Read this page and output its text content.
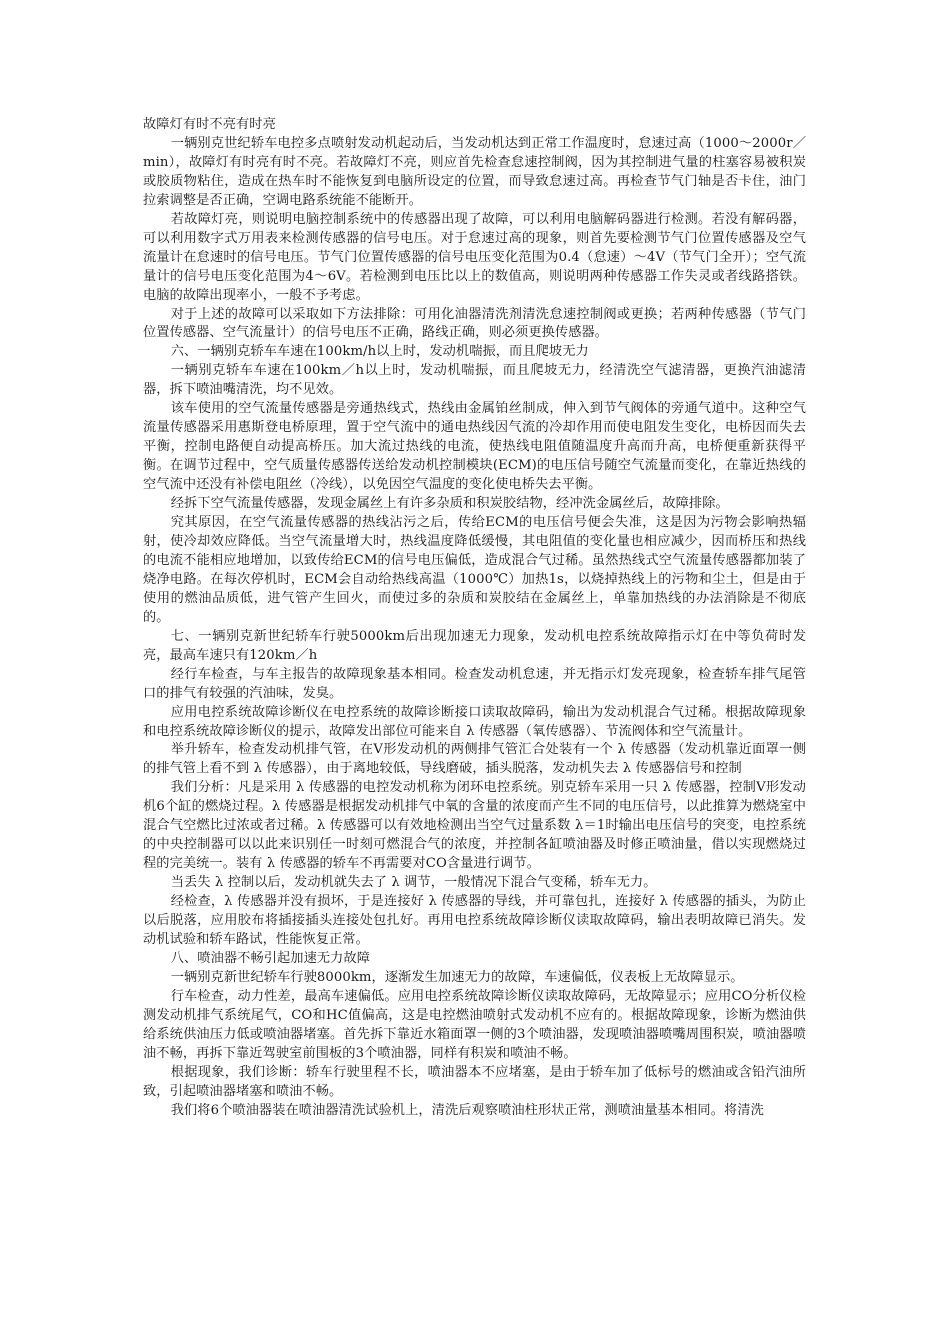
故障灯有时不亮有时亮

一辆别克世纪轿车电控多点喷射发动机起动后，当发动机达到正常工作温度时，怠速过高（1000～2000r／min），故障灯有时亮有时不亮。若故障灯不亮，则应首先检查怠速控制阀，因为其控制进气量的柱塞容易被积炭或胶质物粘住，造成在热车时不能恢复到电脑所设定的位置，而导致怠速过高。再检查节气门轴是否卡住，油门拉索调整是否正确，空调电路系统能不能断开。

若故障灯亮，则说明电脑控制系统中的传感器出现了故障，可以利用电脑解码器进行检测。若没有解码器，可以利用数字式万用表来检测传感器的信号电压。对于怠速过高的现象，则首先要检测节气门位置传感器及空气流量计在怠速时的信号电压。节气门位置传感器的信号电压变化范围为0.4（怠速）～4V（节气门全开）；空气流量计的信号电压变化范围为4～6V。若检测到电压比以上的数值高，则说明两种传感器工作失灵或者线路搭铁。电脑的故障出现率小，一般不予考虑。

对于上述的故障可以采取如下方法排除：可用化油器清洗剂清洗怠速控制阀或更换；若两种传感器（节气门位置传感器、空气流量计）的信号电压不正确，路线正确，则必须更换传感器。

六、一辆别克轿车车速在100km/h以上时，发动机喘振，而且爬坡无力

一辆别克轿车车速在100km／h以上时，发动机喘振，而且爬坡无力，经清洗空气滤清器，更换汽油滤清器，拆下喷油嘴清洗，均不见效。

该车使用的空气流量传感器是旁通热线式，热线由金属铂丝制成，伸入到节气阀体的旁通气道中。这种空气流量传感器采用惠斯登电桥原理，置于空气流中的通电热线因气流的冷却作用而使电阻发生变化，电桥因而失去平衡，控制电路便自动提高桥压。加大流过热线的电流，使热线电阻值随温度升高而升高，电桥便重新获得平衡。在调节过程中，空气质量传感器传送给发动机控制模块(ECM)的电压信号随空气流量而变化，在靠近热线的空气流中还没有补偿电阻丝（冷线），以免因空气温度的变化使电桥失去平衡。

经拆下空气流量传感器，发现金属丝上有许多杂质和积炭胶结物，经冲洗金属丝后，故障排除。

究其原因，在空气流量传感器的热线沾污之后，传给ECM的电压信号便会失准，这是因为污物会影响热辐射，使冷却效应降低。当空气流量增大时，热线温度降低缓慢，其电阻值的变化量也相应减少，因而桥压和热线的电流不能相应地增加，以致传给ECM的信号电压偏低，造成混合气过稀。虽然热线式空气流量传感器都加装了烧净电路。在每次停机时，ECM会自动给热线高温（1000℃）加热1s，以烧掉热线上的污物和尘土，但是由于使用的燃油品质低，进气管产生回火，而使过多的杂质和炭胶结在金属丝上，单靠加热线的办法消除是不彻底的。

七、一辆别克新世纪轿车行驶5000km后出现加速无力现象，发动机电控系统故障指示灯在中等负荷时发亮，最高车速只有120km／h

经行车检查，与车主报告的故障现象基本相同。检查发动机怠速，并无指示灯发亮现象，检查轿车排气尾管口的排气有较强的汽油味，发臭。

应用电控系统故障诊断仪在电控系统的故障诊断接口读取故障码，输出为发动机混合气过稀。根据故障现象和电控系统故障诊断仪的提示，故障发出部位可能来自 λ 传感器（氧传感器）、节流阀体和空气流量计。

举升轿车，检查发动机排气管，在V形发动机的两侧排气管汇合处装有一个 λ 传感器（发动机靠近面罩一侧的排气管上看不到 λ 传感器），由于离地较低，导线磨破，插头脱落，发动机失去 λ 传感器信号和控制

我们分析：凡是采用 λ 传感器的电控发动机称为闭环电控系统。别克轿车采用一只 λ 传感器，控制V形发动机6个缸的燃烧过程。λ 传感器是根据发动机排气中氧的含量的浓度而产生不同的电压信号，以此推算为燃烧室中混合气空燃比过浓或者过稀。λ 传感器可以有效地检测出当空气过量系数 λ＝1时输出电压信号的突变，电控系统的中央控制器可以以此来识别任一时刻可燃混合气的浓度，并控制各缸喷油器及时修正喷油量，借以实现燃烧过程的完美统一。装有 λ 传感器的轿车不再需要对CO含量进行调节。

当丢失 λ 控制以后，发动机就失去了 λ 调节，一般情况下混合气变稀，轿车无力。

经检查，λ 传感器并没有损坏，于是连接好 λ 传感器的导线，并可靠包扎，连接好 λ 传感器的插头，为防止以后脱落，应用胶布将插接插头连接处包扎好。再用电控系统故障诊断仪读取故障码，输出表明故障已消失。发动机试验和轿车路试，性能恢复正常。

八、喷油器不畅引起加速无力故障

一辆别克新世纪轿车行驶8000km，逐渐发生加速无力的故障，车速偏低，仪表板上无故障显示。

行车检查，动力性差，最高车速偏低。应用电控系统故障诊断仪读取故障码，无故障显示；应用CO分析仪检测发动机排气系统尾气，CO和HC值偏高，这是电控燃油喷射式发动机不应有的。根据故障现象，诊断为燃油供给系统供油压力低或喷油器堵塞。首先拆下靠近水箱面罩一侧的3个喷油器，发现喷油器喷嘴周围积炭，喷油器喷油不畅，再拆下靠近驾驶室前围板的3个喷油器，同样有积炭和喷油不畅。

根据现象，我们诊断：轿车行驶里程不长，喷油器本不应堵塞，是由于轿车加了低标号的燃油或含铅汽油所致，引起喷油器堵塞和喷油不畅。

我们将6个喷油器装在喷油器清洗试验机上，清洗后观察喷油柱形状正常，测喷油量基本相同。将清洗
